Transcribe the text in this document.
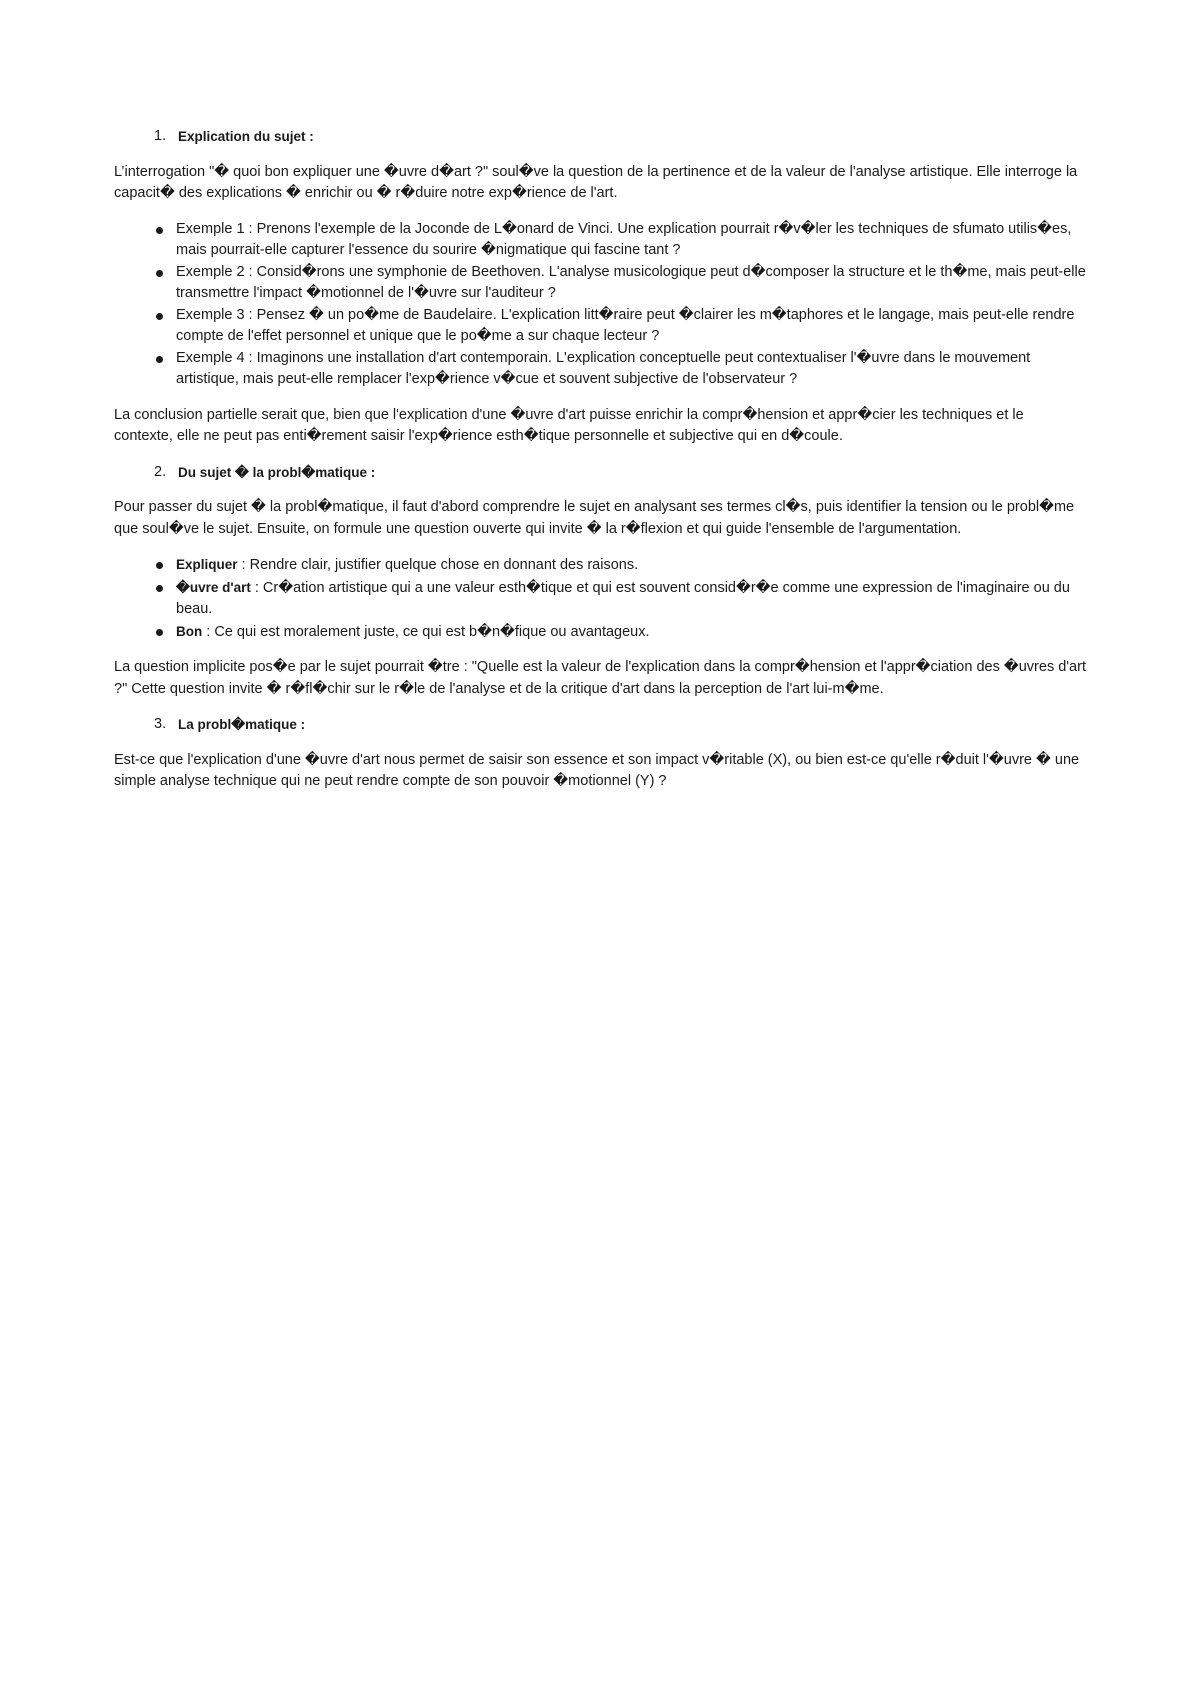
1. Explication du sujet :

L’interrogation "� quoi bon expliquer une �uvre d�art ?" soul�ve la question de la pertinence et de la valeur de l'analyse artistique. Elle interroge la capacit� des explications � enrichir ou � r�duire notre exp�rience de l'art.

Exemple 1 : Prenons l'exemple de la Joconde de L�onard de Vinci. Une explication pourrait r�v�ler les techniques de sfumato utilis�es, mais pourrait-elle capturer l'essence du sourire �nigmatique qui fascine tant ?
Exemple 2 : Consid�rons une symphonie de Beethoven. L'analyse musicologique peut d�composer la structure et le th�me, mais peut-elle transmettre l'impact �motionnel de l'�uvre sur l'auditeur ?
Exemple 3 : Pensez � un po�me de Baudelaire. L'explication litt�raire peut �clairer les m�taphores et le langage, mais peut-elle rendre compte de l'effet personnel et unique que le po�me a sur chaque lecteur ?
Exemple 4 : Imaginons une installation d'art contemporain. L'explication conceptuelle peut contextualiser l'�uvre dans le mouvement artistique, mais peut-elle remplacer l'exp�rience v�cue et souvent subjective de l'observateur ?

La conclusion partielle serait que, bien que l'explication d'une �uvre d'art puisse enrichir la compr�hension et appr�cier les techniques et le contexte, elle ne peut pas enti�rement saisir l'exp�rience esth�tique personnelle et subjective qui en d�coule.

2. Du sujet � la probl�matique :

Pour passer du sujet � la probl�matique, il faut d'abord comprendre le sujet en analysant ses termes cl�s, puis identifier la tension ou le probl�me que soul�ve le sujet. Ensuite, on formule une question ouverte qui invite � la r�flexion et qui guide l'ensemble de l'argumentation.

Expliquer : Rendre clair, justifier quelque chose en donnant des raisons.
�uvre d'art : Cr�ation artistique qui a une valeur esth�tique et qui est souvent consid�r�e comme une expression de l'imaginaire ou du beau.
Bon : Ce qui est moralement juste, ce qui est b�n�fique ou avantageux.

La question implicite pos�e par le sujet pourrait �tre : "Quelle est la valeur de l'explication dans la compr�hension et l'appr�ciation des �uvres d'art ?" Cette question invite � r�fl�chir sur le r�le de l'analyse et de la critique d'art dans la perception de l'art lui-m�me.

3. La probl�matique :

Est-ce que l'explication d'une �uvre d'art nous permet de saisir son essence et son impact v�ritable (X), ou bien est-ce qu'elle r�duit l'�uvre � une simple analyse technique qui ne peut rendre compte de son pouvoir �motionnel (Y) ?
